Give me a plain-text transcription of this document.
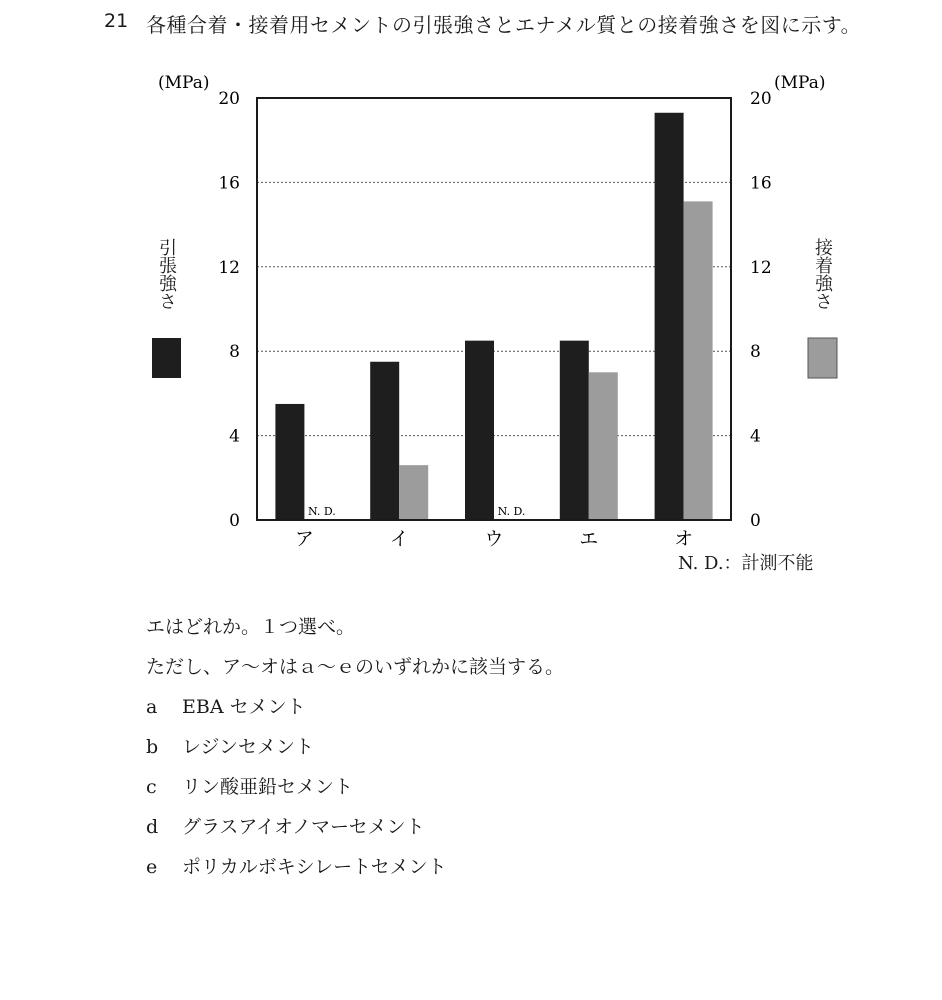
21 各種合着・接着用セメントの引張強さとエナメル質との接着強さを図に示す。
0	0
4	4
8	8
12	12
16	16
20	20
ア	イ	ウ	エ	オ
N. D.	N. D.
(MPa)	(MPa)
引張強さ	接着強さ
N. D.：計測不能
エはどれか。１つ選べ。
ただし、ア～オはａ～ｅのいずれかに該当する。
a EBA セメント
b レジンセメント
c リン酸亜鉛セメント
d グラスアイオノマーセメント
e ポリカルボキシレートセメント
